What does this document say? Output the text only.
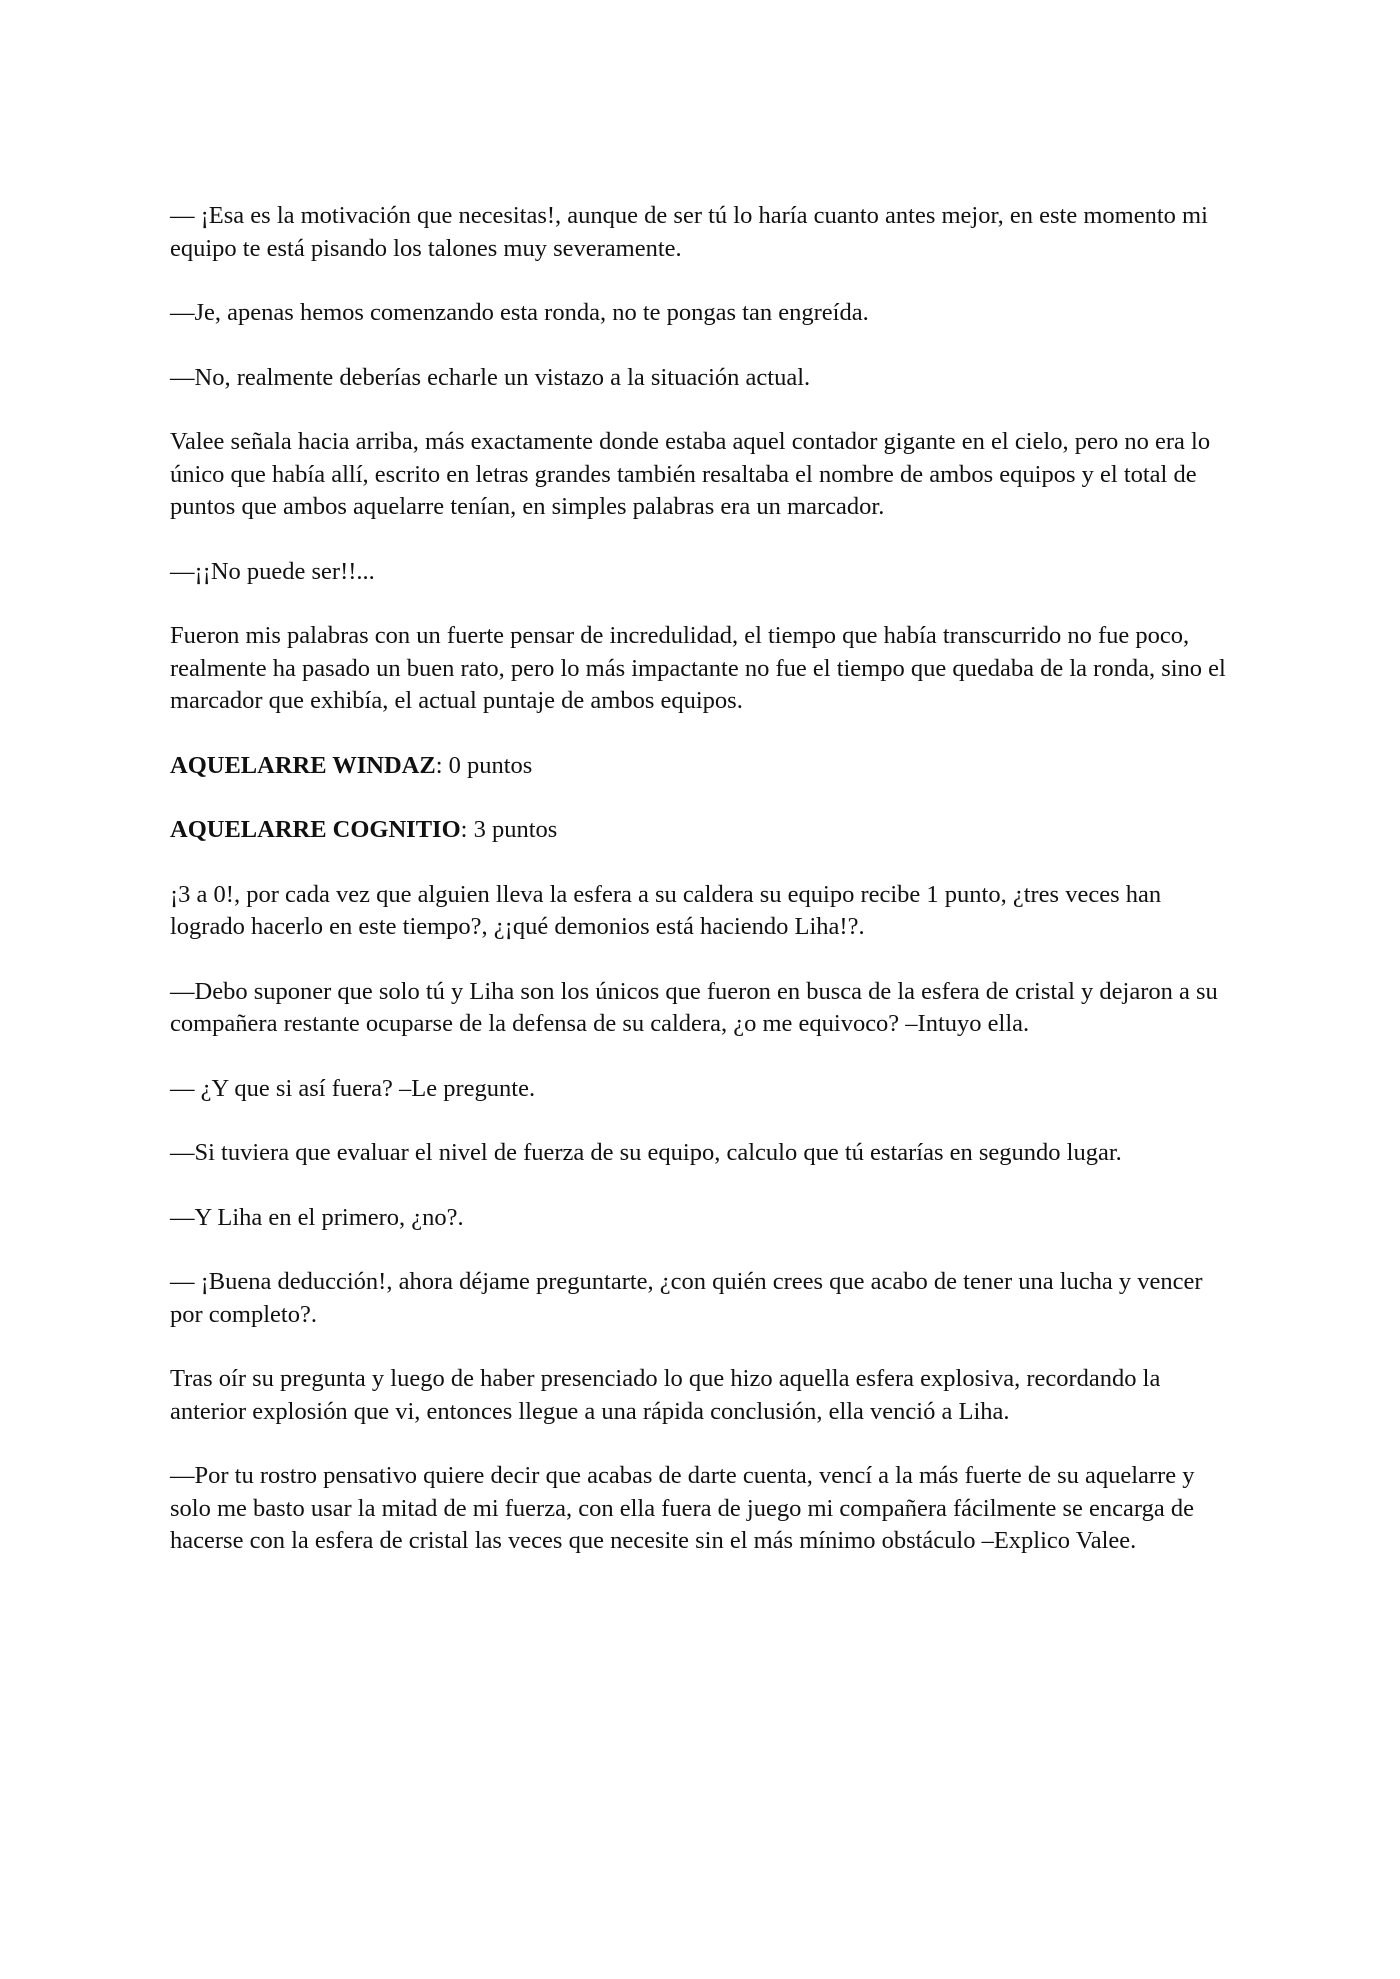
— ¡Esa es la motivación que necesitas!, aunque de ser tú lo haría cuanto antes mejor, en este momento mi equipo te está pisando los talones muy severamente.

—Je, apenas hemos comenzando esta ronda, no te pongas tan engreída.

—No, realmente deberías echarle un vistazo a la situación actual.

Valee señala hacia arriba, más exactamente donde estaba aquel contador gigante en el cielo, pero no era lo único que había allí, escrito en letras grandes también resaltaba el nombre de ambos equipos y el total de puntos que ambos aquelarre tenían, en simples palabras era un marcador.

—¡¡No puede ser!!...

Fueron mis palabras con un fuerte pensar de incredulidad, el tiempo que había transcurrido no fue poco, realmente ha pasado un buen rato, pero lo más impactante no fue el tiempo que quedaba de la ronda, sino el marcador que exhibía, el actual puntaje de ambos equipos.

AQUELARRE WINDAZ: 0 puntos

AQUELARRE COGNITIO: 3 puntos

¡3 a 0!, por cada vez que alguien lleva la esfera a su caldera su equipo recibe 1 punto, ¿tres veces han logrado hacerlo en este tiempo?, ¿¡qué demonios está haciendo Liha!?.

—Debo suponer que solo tú y Liha son los únicos que fueron en busca de la esfera de cristal y dejaron a su compañera restante ocuparse de la defensa de su caldera, ¿o me equivoco? –Intuyo ella.

— ¿Y que si así fuera? –Le pregunte.

—Si tuviera que evaluar el nivel de fuerza de su equipo, calculo que tú estarías en segundo lugar.

—Y Liha en el primero, ¿no?.

— ¡Buena deducción!, ahora déjame preguntarte, ¿con quién crees que acabo de tener una lucha y vencer por completo?.

Tras oír su pregunta y luego de haber presenciado lo que hizo aquella esfera explosiva, recordando la anterior explosión que vi, entonces llegue a una rápida conclusión, ella venció a Liha.

—Por tu rostro pensativo quiere decir que acabas de darte cuenta, vencí a la más fuerte de su aquelarre y solo me basto usar la mitad de mi fuerza, con ella fuera de juego mi compañera fácilmente se encarga de hacerse con la esfera de cristal las veces que necesite sin el más mínimo obstáculo –Explico Valee.
